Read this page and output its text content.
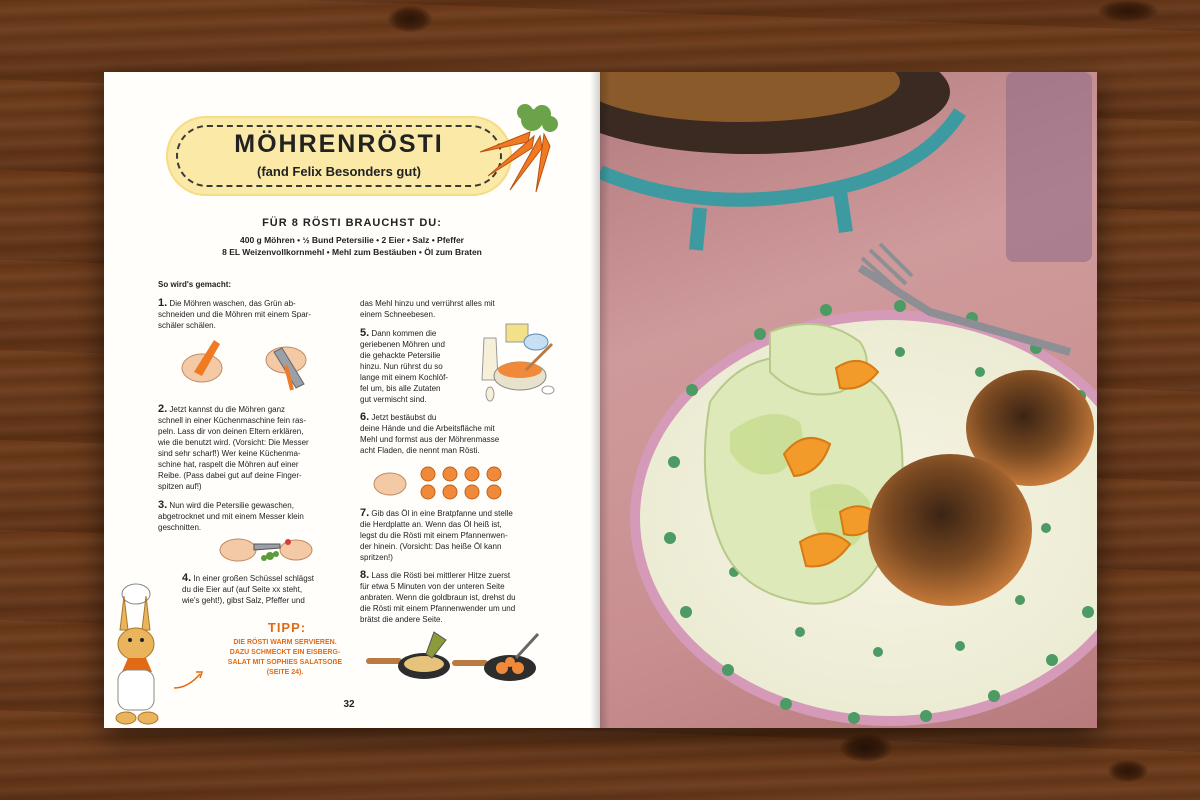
MÖHRENRÖSTI
(fand Felix Besonders gut)
FÜR 8 RÖSTI BRAUCHST DU:
400 g Möhren • ½ Bund Petersilie • 2 Eier • Salz • Pfeffer
8 EL Weizenvollkornmehl • Mehl zum Bestäuben • Öl zum Braten
So wird's gemacht:
1. Die Möhren waschen, das Grün ab-
schneiden und die Möhren mit einem Spar-
schäler schälen.
2. Jetzt kannst du die Möhren ganz
schnell in einer Küchenmaschine fein ras-
peln. Lass dir von deinen Eltern erklären,
wie die benutzt wird. (Vorsicht: Die Messer
sind sehr scharf!) Wer keine Küchenma-
schine hat, raspelt die Möhren auf einer
Reibe. (Pass dabei gut auf deine Finger-
spitzen auf!)
3. Nun wird die Petersilie gewaschen,
abgetrocknet und mit einem Messer klein
geschnitten.
4. In einer großen Schüssel schlägst
du die Eier auf (auf Seite xx steht,
wie's geht!), gibst Salz, Pfeffer und
TIPP:
DIE RÖSTI WARM SERVIEREN.
DAZU SCHMECKT EIN EISBERG-
SALAT MIT SOPHIES SALATSOẞE
(SEITE 24).
32
das Mehl hinzu und verrührst alles mit
einem Schneebesen.
5. Dann kommen die
geriebenen Möhren und
die gehackte Petersilie
hinzu. Nun rührst du so
lange mit einem Kochlöf-
fel um, bis alle Zutaten
gut vermischt sind.
6. Jetzt bestäubst du
deine Hände und die Arbeitsfläche mit
Mehl und formst aus der Möhrenmasse
acht Fladen, die nennt man Rösti.
7. Gib das Öl in eine Bratpfanne und stelle
die Herdplatte an. Wenn das Öl heiß ist,
legst du die Rösti mit einem Pfannenwen-
der hinein. (Vorsicht: Das heiße Öl kann
spritzen!)
8. Lass die Rösti bei mittlerer Hitze zuerst
für etwa 5 Minuten von der unteren Seite
anbraten. Wenn die goldbraun ist, drehst du
die Rösti mit einem Pfannenwender um und
brätst die andere Seite.
